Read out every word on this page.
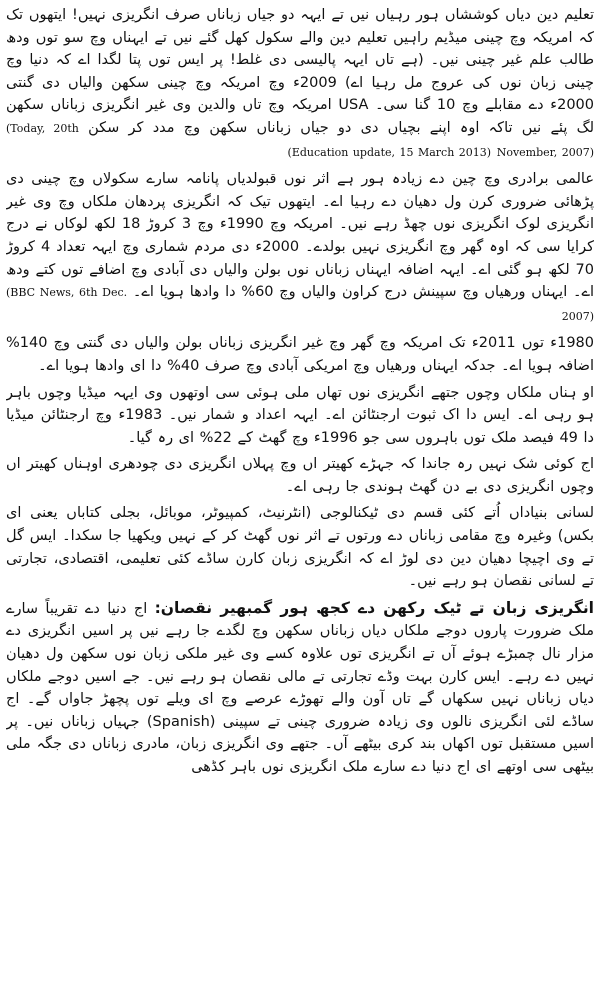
تعلیم دین دیاں کوششاں ہور رہیاں نیں تے ایہہ دو جیاں زباناں صرف انگریزی نہیں! ایتھوں تک کہ امریکہ وچ چینی میڈیم راہیں تعلیم دین والے سکول کھل گئے نیں تے ایہناں وچ سو توں ودھ طالب علم غیر چینی نیں۔ (ہے تاں ایہہ پالیسی دی غلط! پر ایس توں پتا لگدا اے کہ دنیا وچ چینی زبان نوں کی عروج مل رہیا اے) 2009ء وچ امریکہ وچ چینی سکھن والیاں دی گنتی 2000ء دے مقابلے وچ 10 گنا سی۔ USA امریکہ وچ تاں والدین وی غیر انگریزی زباناں سکھن لگ پئے نیں تاکہ اوہ اپنے بچیاں دی دو جیاں زباناں سکھن وچ مدد کر سکن (Today, 20th November, 2007) (Education update, 15 March 2013)

عالمی برادری وچ چین دے زیادہ ہور ہے اثر نوں قبولدیاں پانامہ سارے سکولاں وچ چینی دی پڑھائی ضروری کرن ول دھیان دے رہیا اے۔ ایتھوں تیک کہ انگریزی پردھان ملکاں وچ وی غیر انگریزی لوک انگریزی نوں چھڈ رہے نیں۔ امریکہ وچ 1990ء وچ 3 کروڑ 18 لکھ لوکاں نے درج کرایا سی کہ اوہ گھر وچ انگریزی نہیں بولدے۔ 2000ء دی مردم شماری وچ ایہہ تعداد 4 کروڑ 70 لکھ ہو گئی اے۔ ایہہ اضافہ ایہناں زباناں نوں بولن والیاں دی آبادی وچ اضافے توں کتے ودھ اے۔ ایہناں ورھیاں وچ سپینش درج کراون والیاں وچ 60% دا وادھا ہویا اے۔ (BBC News, 6th Dec. 2007)

1980ء توں 2011ء تک امریکہ وچ گھر وچ غیر انگریزی زباناں بولن والیاں دی گنتی وچ 140% اضافہ ہویا اے۔ جدکہ ایہناں ورھیاں وچ امریکی آبادی وچ صرف 40% دا ای وادھا ہویا اے۔

او ہناں ملکاں وچوں جتھے انگریزی نوں تھاں ملی ہوئی سی اوتھوں وی ایہہ میڈیا وچوں باہر ہو رہی اے۔ ایس دا اک ثبوت ارجنٹائن اے۔ ایہہ اعداد و شمار نیں۔ 1983ء وچ ارجنٹائن میڈیا دا 49 فیصد ملک توں باہروں سی جو 1996ء وچ گھٹ کے 22% ای رہ گیا۔

اج کوئی شک نہیں رہ جاندا کہ جہڑے کھیتر اں وچ پہلاں انگریزی دی چودھری اوہناں کھیتر اں وچوں انگریزی دی بے دن گھٹ ہوندی جا رہی اے۔

لسانی بنیاداں اُتے کئی قسم دی ٹیکنالوجی (انٹرنیٹ، کمپیوٹر، موبائل، بجلی کتاباں یعنی ای بکس) وغیرہ وچ مقامی زباناں دے ورتوں تے اثر نوں گھٹ کر کے نہیں ویکھیا جا سکدا۔ ایس گل تے وی اچیچا دھیان دین دی لوڑ اے کہ انگریزی زبان کارن ساڈے کئی تعلیمی، اقتصادی، تجارتی تے لسانی نقصان ہو رہے نیں۔

انگریزی زبان تے ٹیک رکھن دے کجھ ہور گمبھیر نقصان: اج دنیا دے تقریباً سارے ملک ضرورت پاروں دوجے ملکاں دیاں زباناں سکھن وچ لگدے جا رہے نیں پر اسیں انگریزی دے مزار نال چمبڑے ہوئے آں تے انگریزی توں علاوہ کسے وی غیر ملکی زبان نوں سکھن ول دھیان نہیں دے رہے۔ ایس کارن بہت وڈے تجارتی تے مالی نقصان ہو رہے نیں۔ جے اسیں دوجے ملکاں دیاں زباناں نہیں سکھاں گے تاں آون والے تھوڑے عرصے وچ ای ویلے توں پچھڑ جاواں گے۔ اج ساڈے لئی انگریزی نالوں وی زیادہ ضروری چینی تے سپینی (Spanish) جہیاں زباناں نیں۔ پر اسیں مستقبل توں اکھاں بند کری بیٹھے آں۔ جتھے وی انگریزی زبان، مادری زباناں دی جگہ ملی بیٹھی سی اوتھے ای اج دنیا دے سارے ملک انگریزی نوں باہر کڈھی
